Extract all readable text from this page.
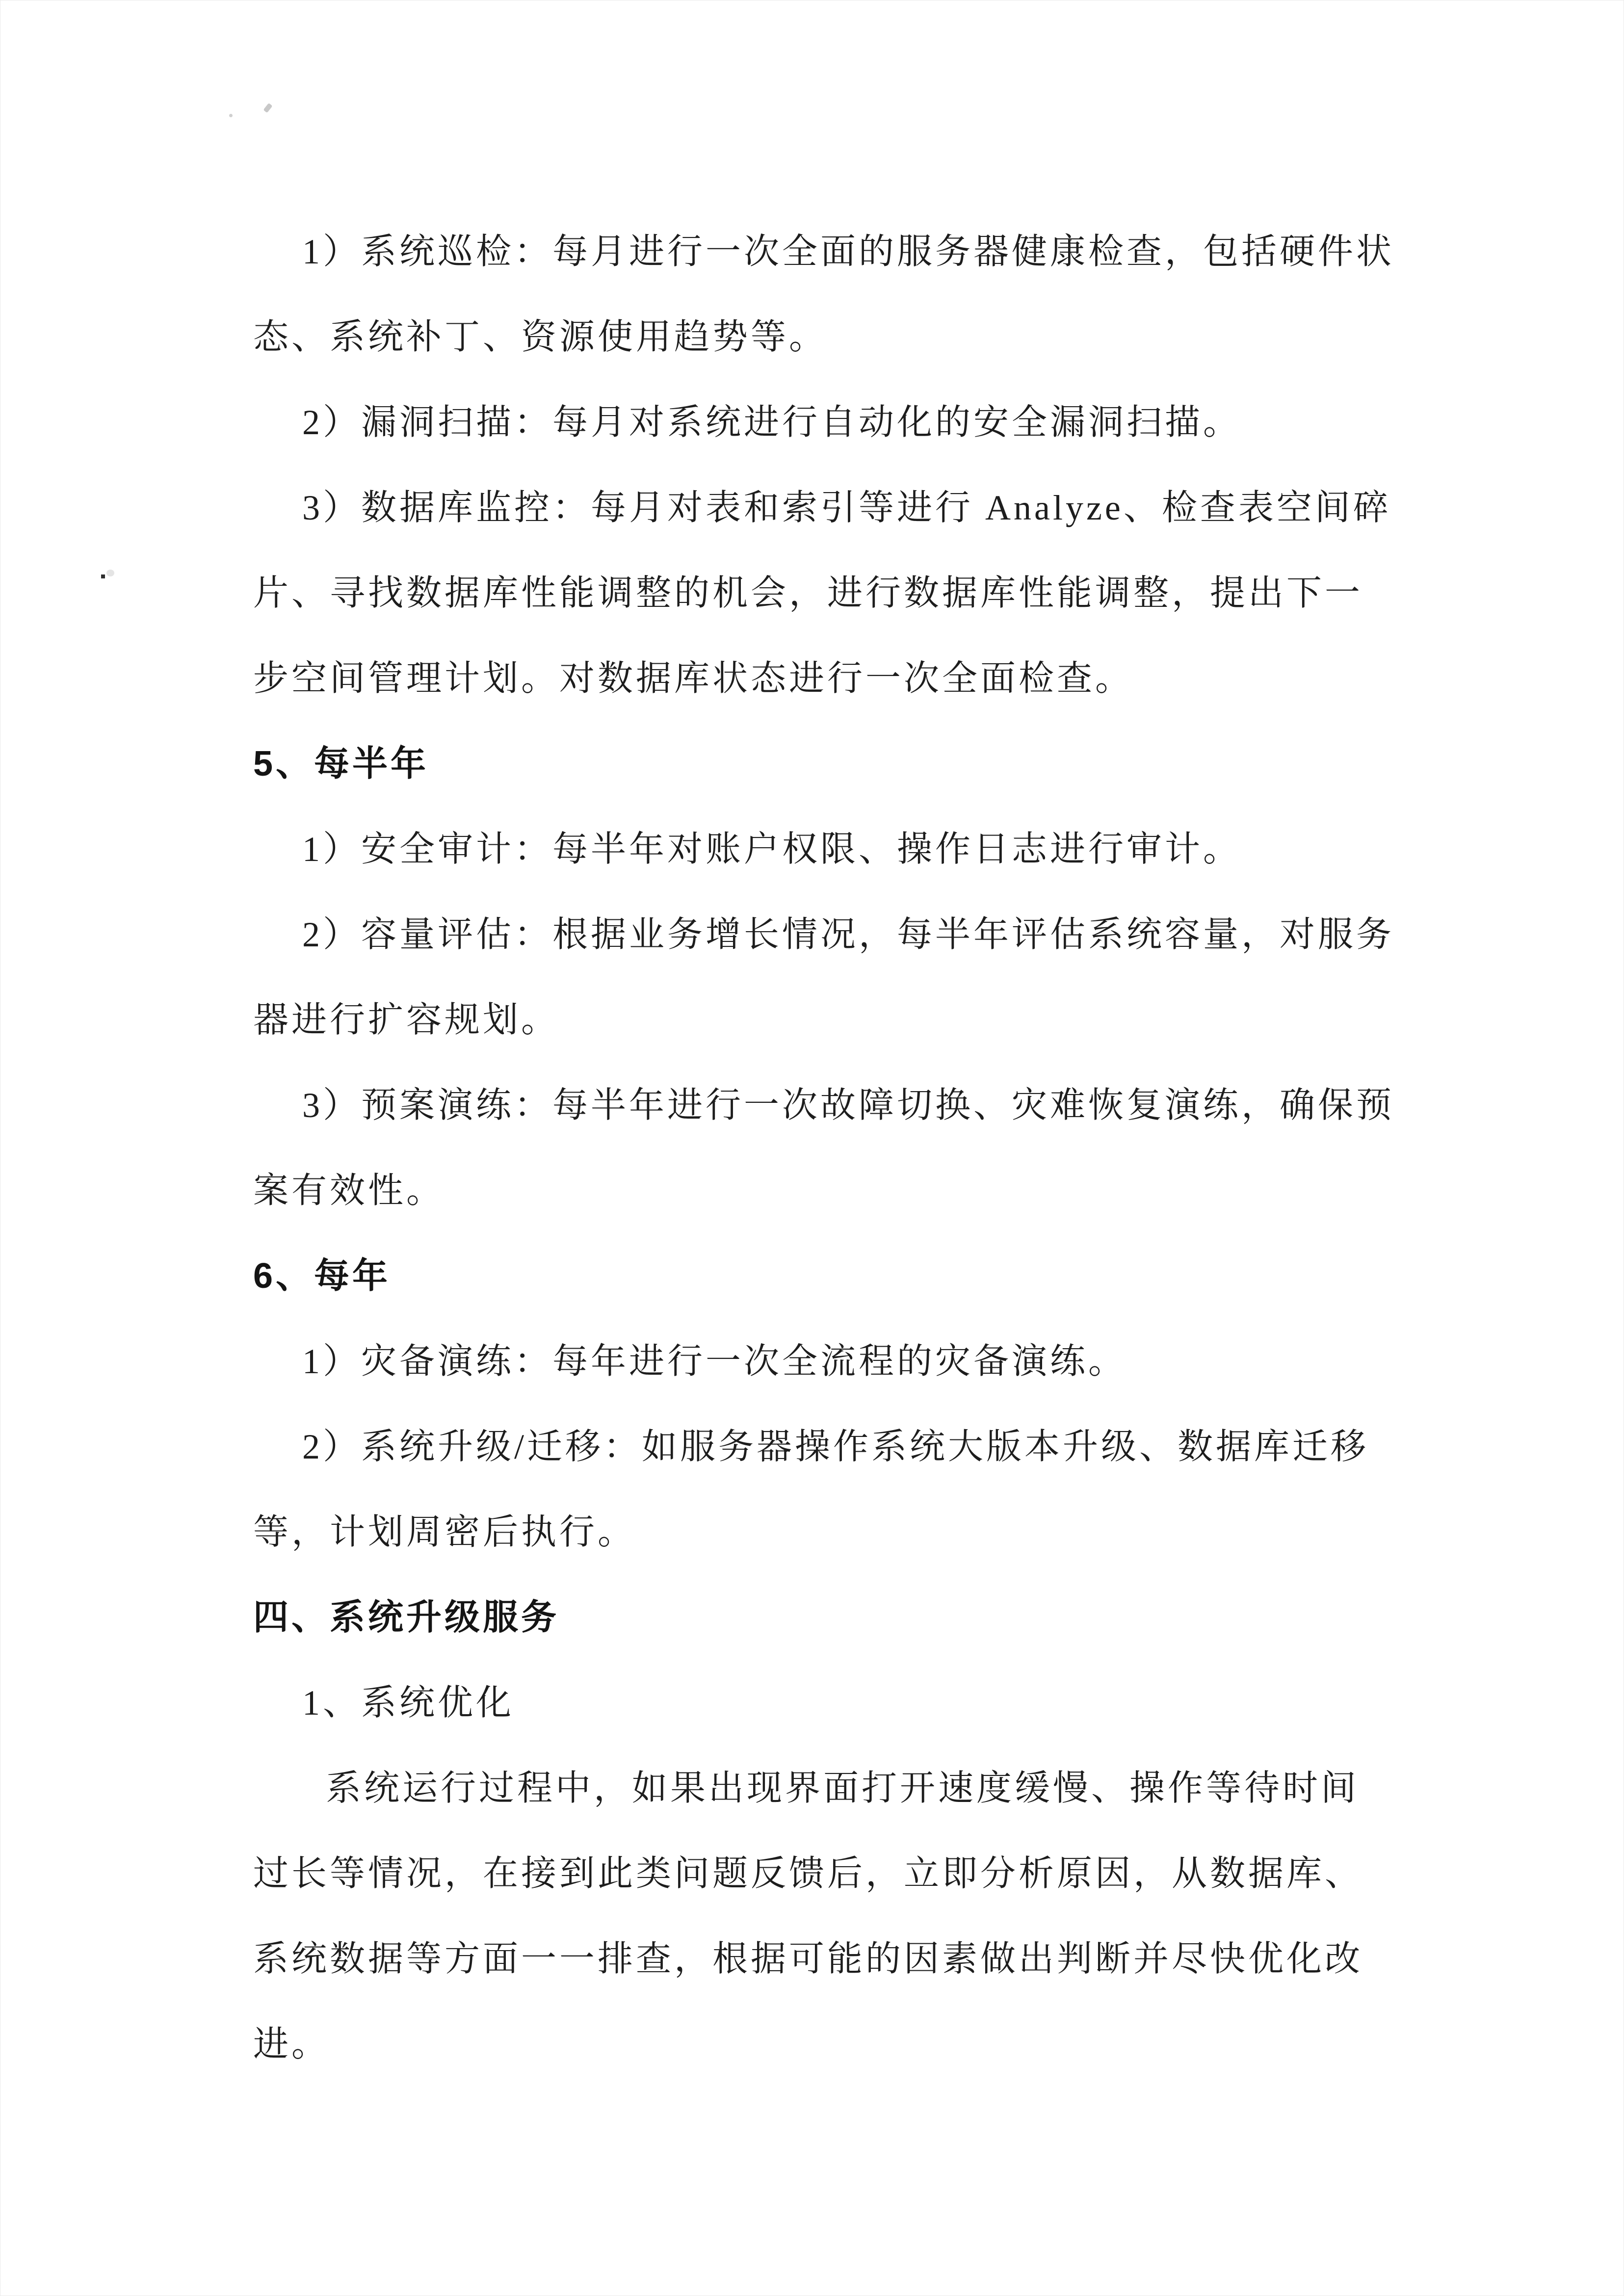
1）系统巡检：每月进行一次全面的服务器健康检查，包括硬件状
态、系统补丁、资源使用趋势等。
2）漏洞扫描：每月对系统进行自动化的安全漏洞扫描。
3）数据库监控：每月对表和索引等进行 Analyze、检查表空间碎
片、寻找数据库性能调整的机会，进行数据库性能调整，提出下一
步空间管理计划。对数据库状态进行一次全面检查。
5、每半年
1）安全审计：每半年对账户权限、操作日志进行审计。
2）容量评估：根据业务增长情况，每半年评估系统容量，对服务
器进行扩容规划。
3）预案演练：每半年进行一次故障切换、灾难恢复演练，确保预
案有效性。
6、每年
1）灾备演练：每年进行一次全流程的灾备演练。
2）系统升级/迁移：如服务器操作系统大版本升级、数据库迁移
等，计划周密后执行。
四、系统升级服务
1、系统优化
系统运行过程中，如果出现界面打开速度缓慢、操作等待时间
过长等情况，在接到此类问题反馈后，立即分析原因，从数据库、
系统数据等方面一一排查，根据可能的因素做出判断并尽快优化改
进。
